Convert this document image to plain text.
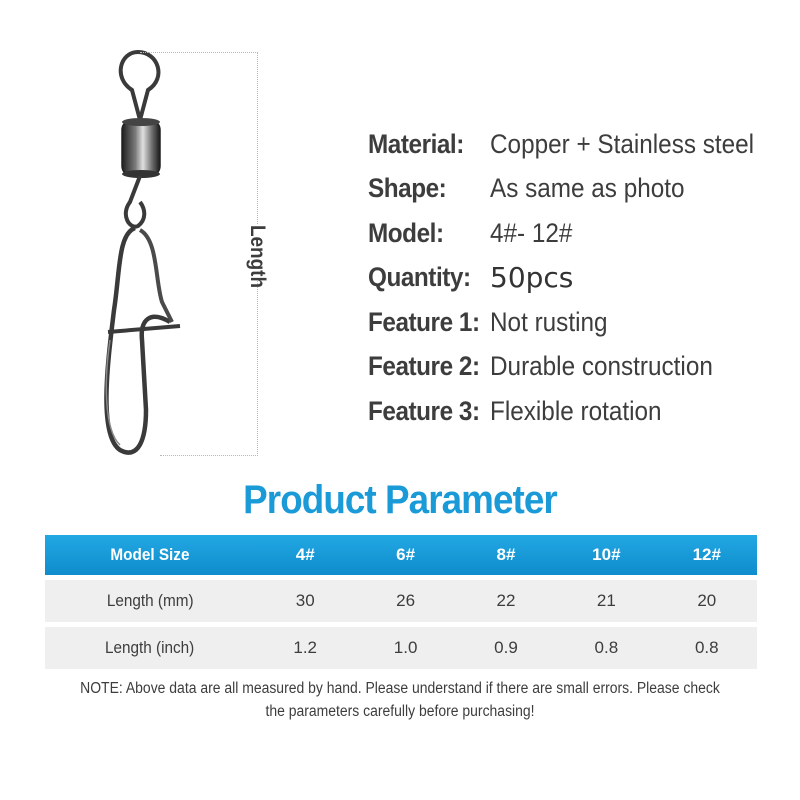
Length
Material: Copper + Stainless steel
Shape:	As same as photo
Model:	4#- 12#
Quantity: 50pcs
Feature 1: Not rusting
Feature 2: Durable construction
Feature 3: Flexible rotation
Product Parameter
Model Size	4#	6#	8#	10#	12#

Length (mm)	30	26	22	21	20

Length (inch)	1.2	1.0	0.9	0.8	0.8
NOTE: Above data are all measured by hand. Please understand if there are small errors. Please check
the parameters carefully before purchasing!
